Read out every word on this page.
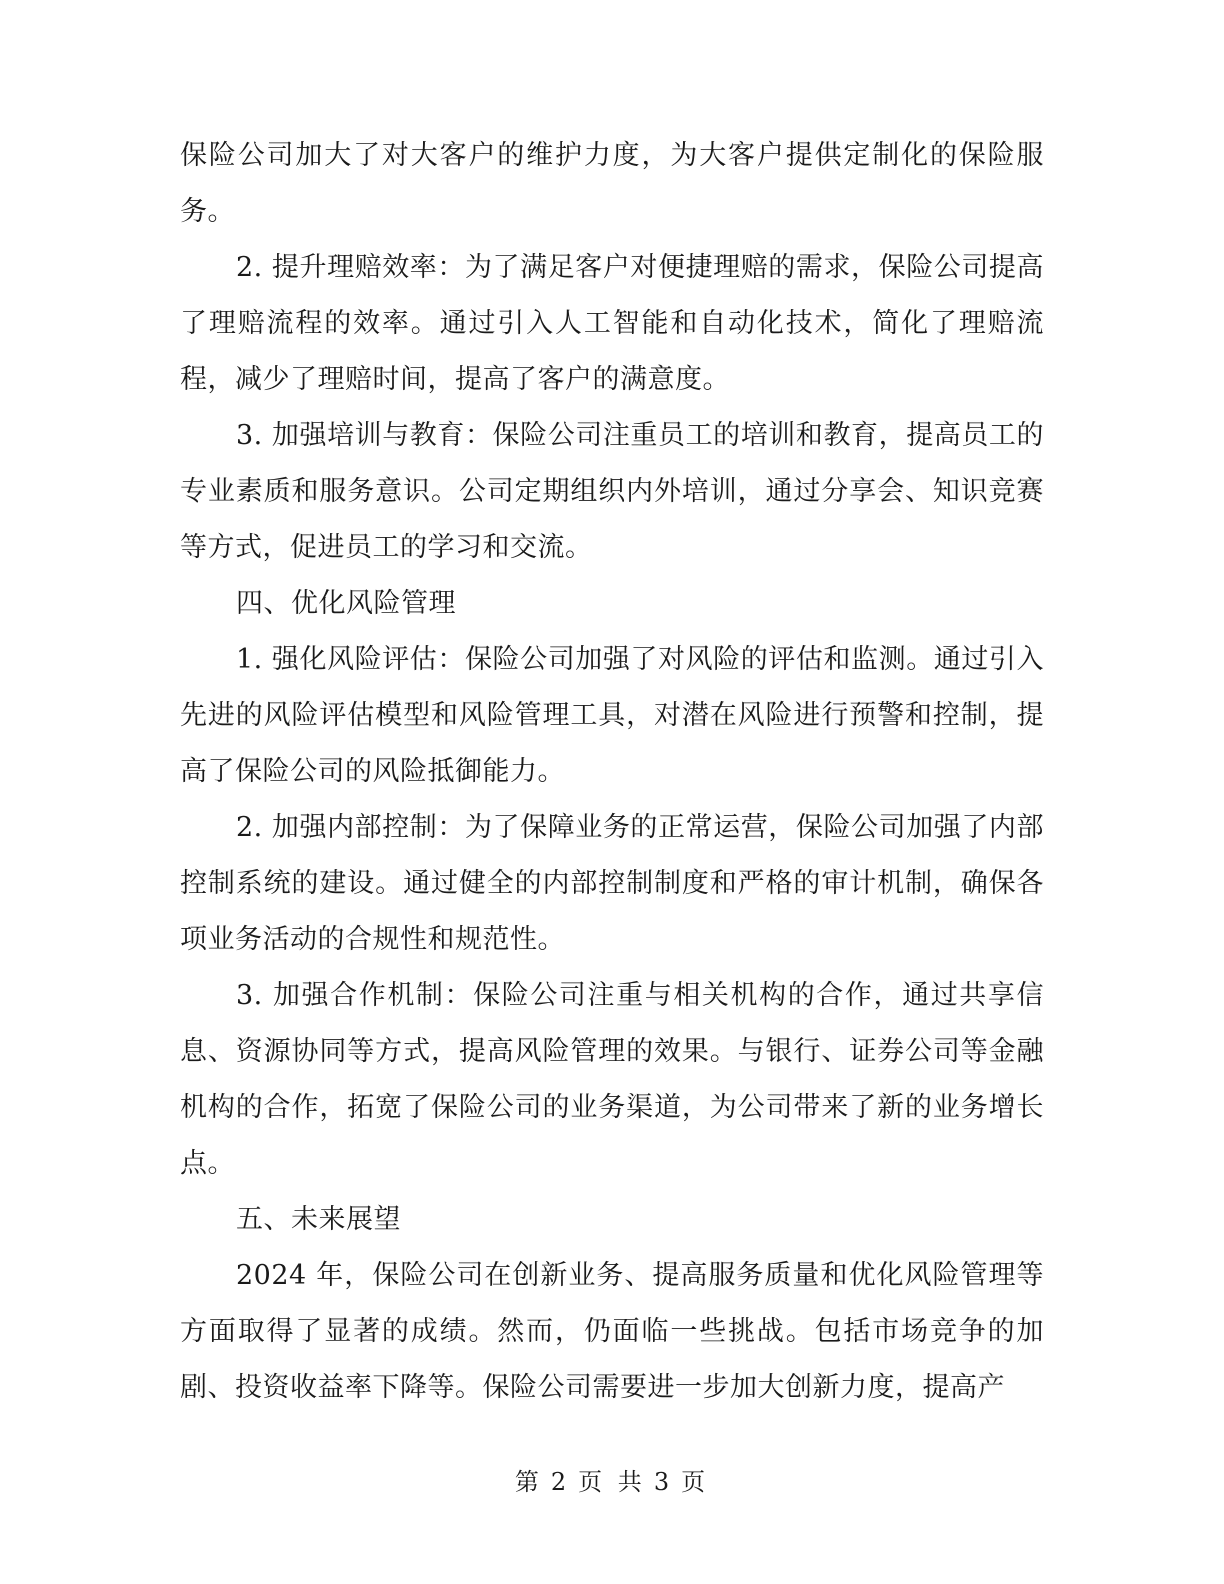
保险公司加大了对大客户的维护力度，为大客户提供定制化的保险服务。

2. 提升理赔效率：为了满足客户对便捷理赔的需求，保险公司提高了理赔流程的效率。通过引入人工智能和自动化技术，简化了理赔流程，减少了理赔时间，提高了客户的满意度。

3. 加强培训与教育：保险公司注重员工的培训和教育，提高员工的专业素质和服务意识。公司定期组织内外培训，通过分享会、知识竞赛等方式，促进员工的学习和交流。

四、优化风险管理

1. 强化风险评估：保险公司加强了对风险的评估和监测。通过引入先进的风险评估模型和风险管理工具，对潜在风险进行预警和控制，提高了保险公司的风险抵御能力。

2. 加强内部控制：为了保障业务的正常运营，保险公司加强了内部控制系统的建设。通过健全的内部控制制度和严格的审计机制，确保各项业务活动的合规性和规范性。

3. 加强合作机制：保险公司注重与相关机构的合作，通过共享信息、资源协同等方式，提高风险管理的效果。与银行、证券公司等金融机构的合作，拓宽了保险公司的业务渠道，为公司带来了新的业务增长点。

五、未来展望

2024 年，保险公司在创新业务、提高服务质量和优化风险管理等方面取得了显著的成绩。然而，仍面临一些挑战。包括市场竞争的加剧、投资收益率下降等。保险公司需要进一步加大创新力度，提高产

第 2 页 共 3 页
